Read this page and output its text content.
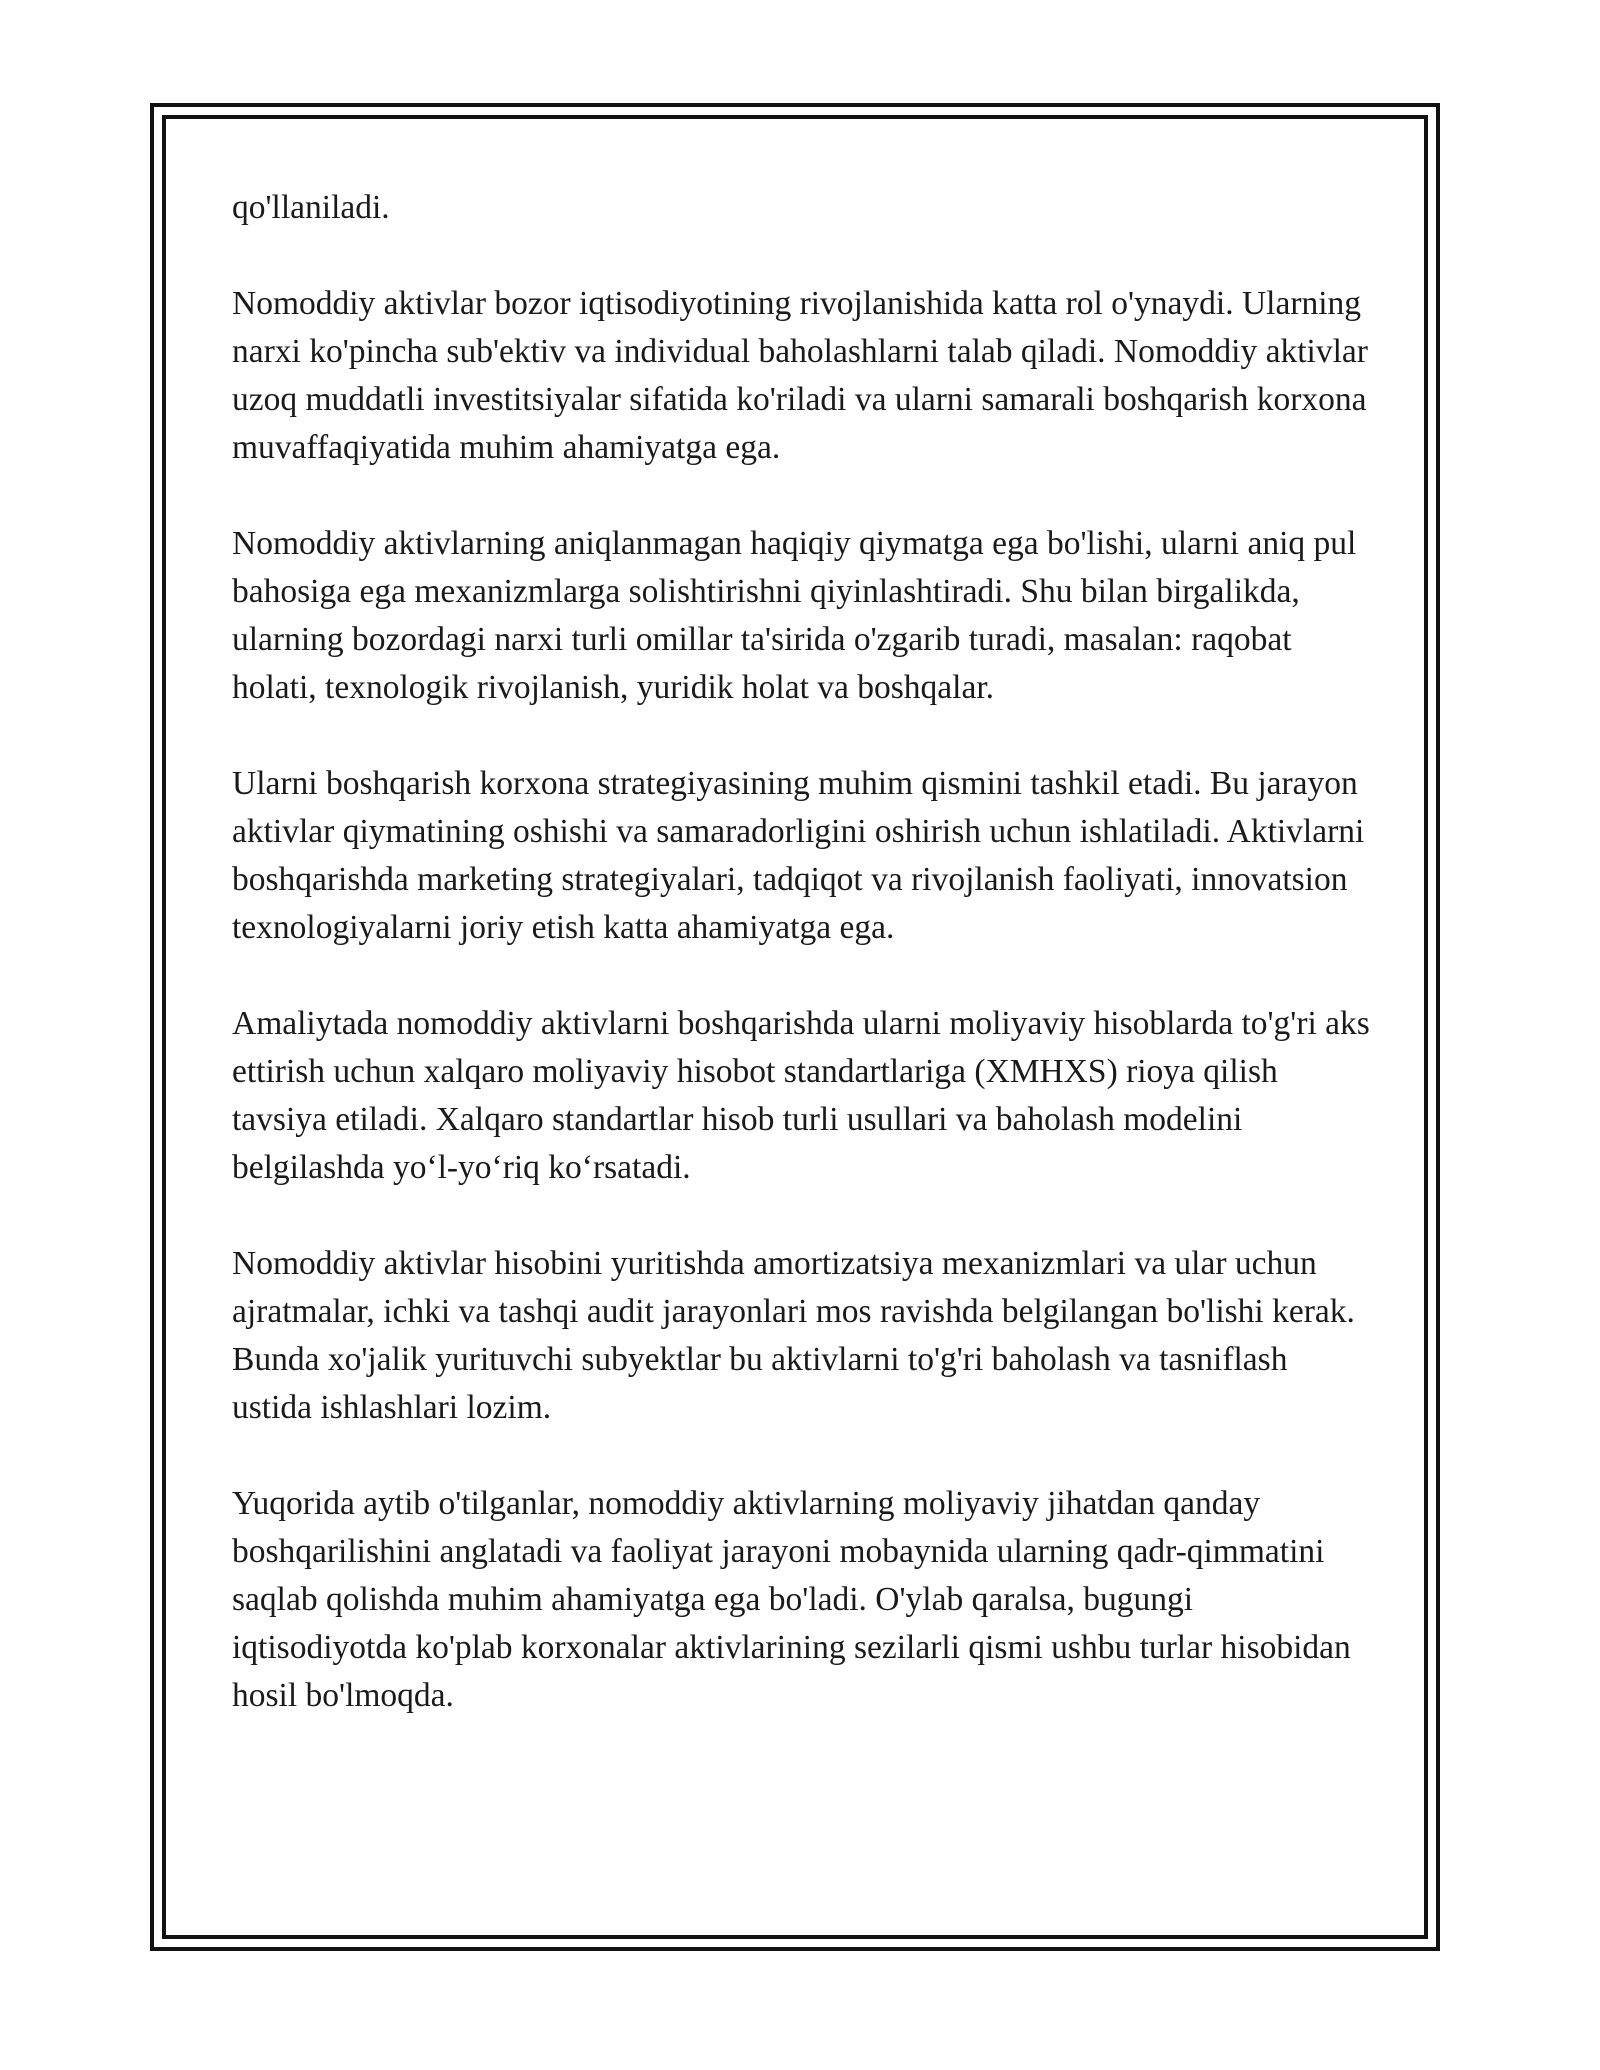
qo'llaniladi.

Nomoddiy aktivlar bozor iqtisodiyotining rivojlanishida katta rol o'ynaydi. Ularning narxi ko'pincha sub'ektiv va individual baholashlarni talab qiladi. Nomoddiy aktivlar uzoq muddatli investitsiyalar sifatida ko'riladi va ularni samarali boshqarish korxona muvaffaqiyatida muhim ahamiyatga ega.

Nomoddiy aktivlarning aniqlanmagan haqiqiy qiymatga ega bo'lishi, ularni aniq pul bahosiga ega mexanizmlarga solishtirishni qiyinlashtiradi. Shu bilan birgalikda, ularning bozordagi narxi turli omillar ta'sirida o'zgarib turadi, masalan: raqobat holati, texnologik rivojlanish, yuridik holat va boshqalar.

Ularni boshqarish korxona strategiyasining muhim qismini tashkil etadi. Bu jarayon aktivlar qiymatining oshishi va samaradorligini oshirish uchun ishlatiladi. Aktivlarni boshqarishda marketing strategiyalari, tadqiqot va rivojlanish faoliyati, innovatsion texnologiyalarni joriy etish katta ahamiyatga ega.

Amaliytada nomoddiy aktivlarni boshqarishda ularni moliyaviy hisoblarda to'g'ri aks ettirish uchun xalqaro moliyaviy hisobot standartlariga (XMHXS) rioya qilish tavsiya etiladi. Xalqaro standartlar hisob turli usullari va baholash modelini belgilashda yo‘l-yo‘riq ko‘rsatadi.

Nomoddiy aktivlar hisobini yuritishda amortizatsiya mexanizmlari va ular uchun ajratmalar, ichki va tashqi audit jarayonlari mos ravishda belgilangan bo'lishi kerak. Bunda xo'jalik yurituvchi subyektlar bu aktivlarni to'g'ri baholash va tasniflash ustida ishlashlari lozim.

Yuqorida aytib o'tilganlar, nomoddiy aktivlarning moliyaviy jihatdan qanday boshqarilishini anglatadi va faoliyat jarayoni mobaynida ularning qadr-qimmatini saqlab qolishda muhim ahamiyatga ega bo'ladi. O'ylab qaralsa, bugungi iqtisodiyotda ko'plab korxonalar aktivlarining sezilarli qismi ushbu turlar hisobidan hosil bo'lmoqda.
